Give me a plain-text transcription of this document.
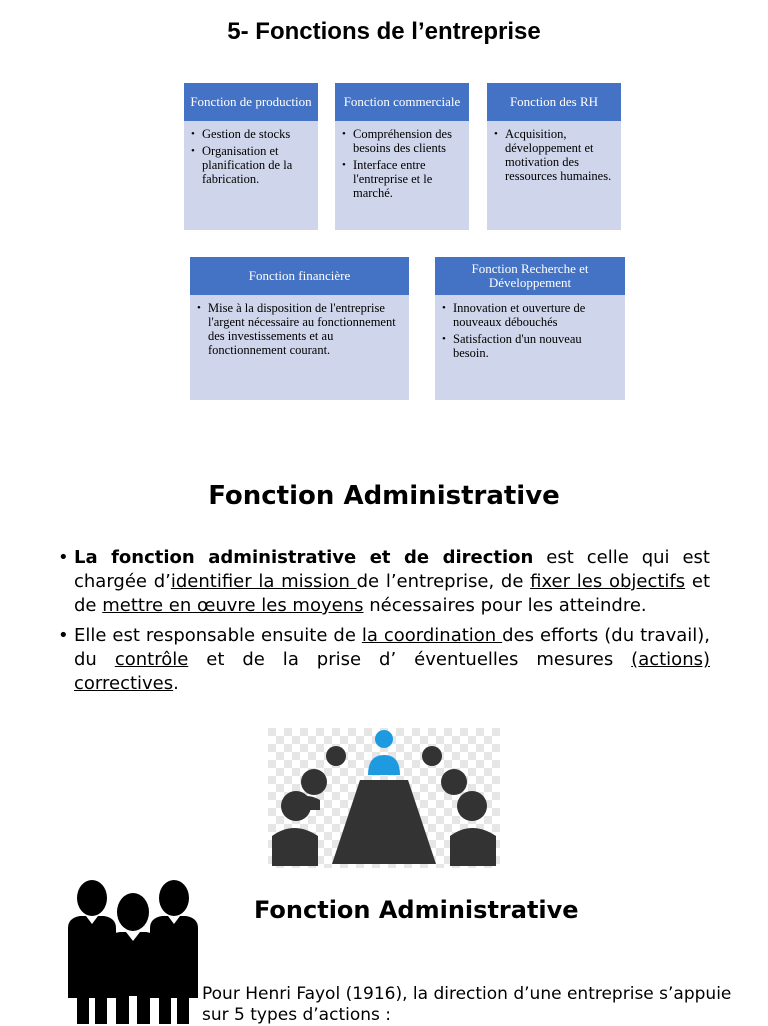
5- Fonctions de l’entreprise
Fonction de production
• Gestion de stocks
• Organisation et planification de la fabrication.
Fonction commerciale
• Compréhension des besoins des clients
• Interface entre l'entreprise et le marché.
Fonction des RH
• Acquisition, développement et motivation des ressources humaines.
Fonction financière
• Mise à la disposition de l'entreprise l'argent nécessaire au fonctionnement des investissements et au fonctionnement courant.
Fonction Recherche et Développement
• Innovation et ouverture de nouveaux débouchés
• Satisfaction d'un nouveau besoin.
Fonction Administrative
• La fonction administrative et de direction est celle qui est chargée d’identifier la mission de l’entreprise, de fixer les objectifs et de mettre en œuvre les moyens nécessaires pour les atteindre.
• Elle est responsable ensuite de la coordination des efforts (du travail), du contrôle et de la prise d’ éventuelles mesures (actions) correctives.
Fonction Administrative
Pour Henri Fayol (1916), la direction d’une entreprise s’appuie sur 5 types d’actions :
